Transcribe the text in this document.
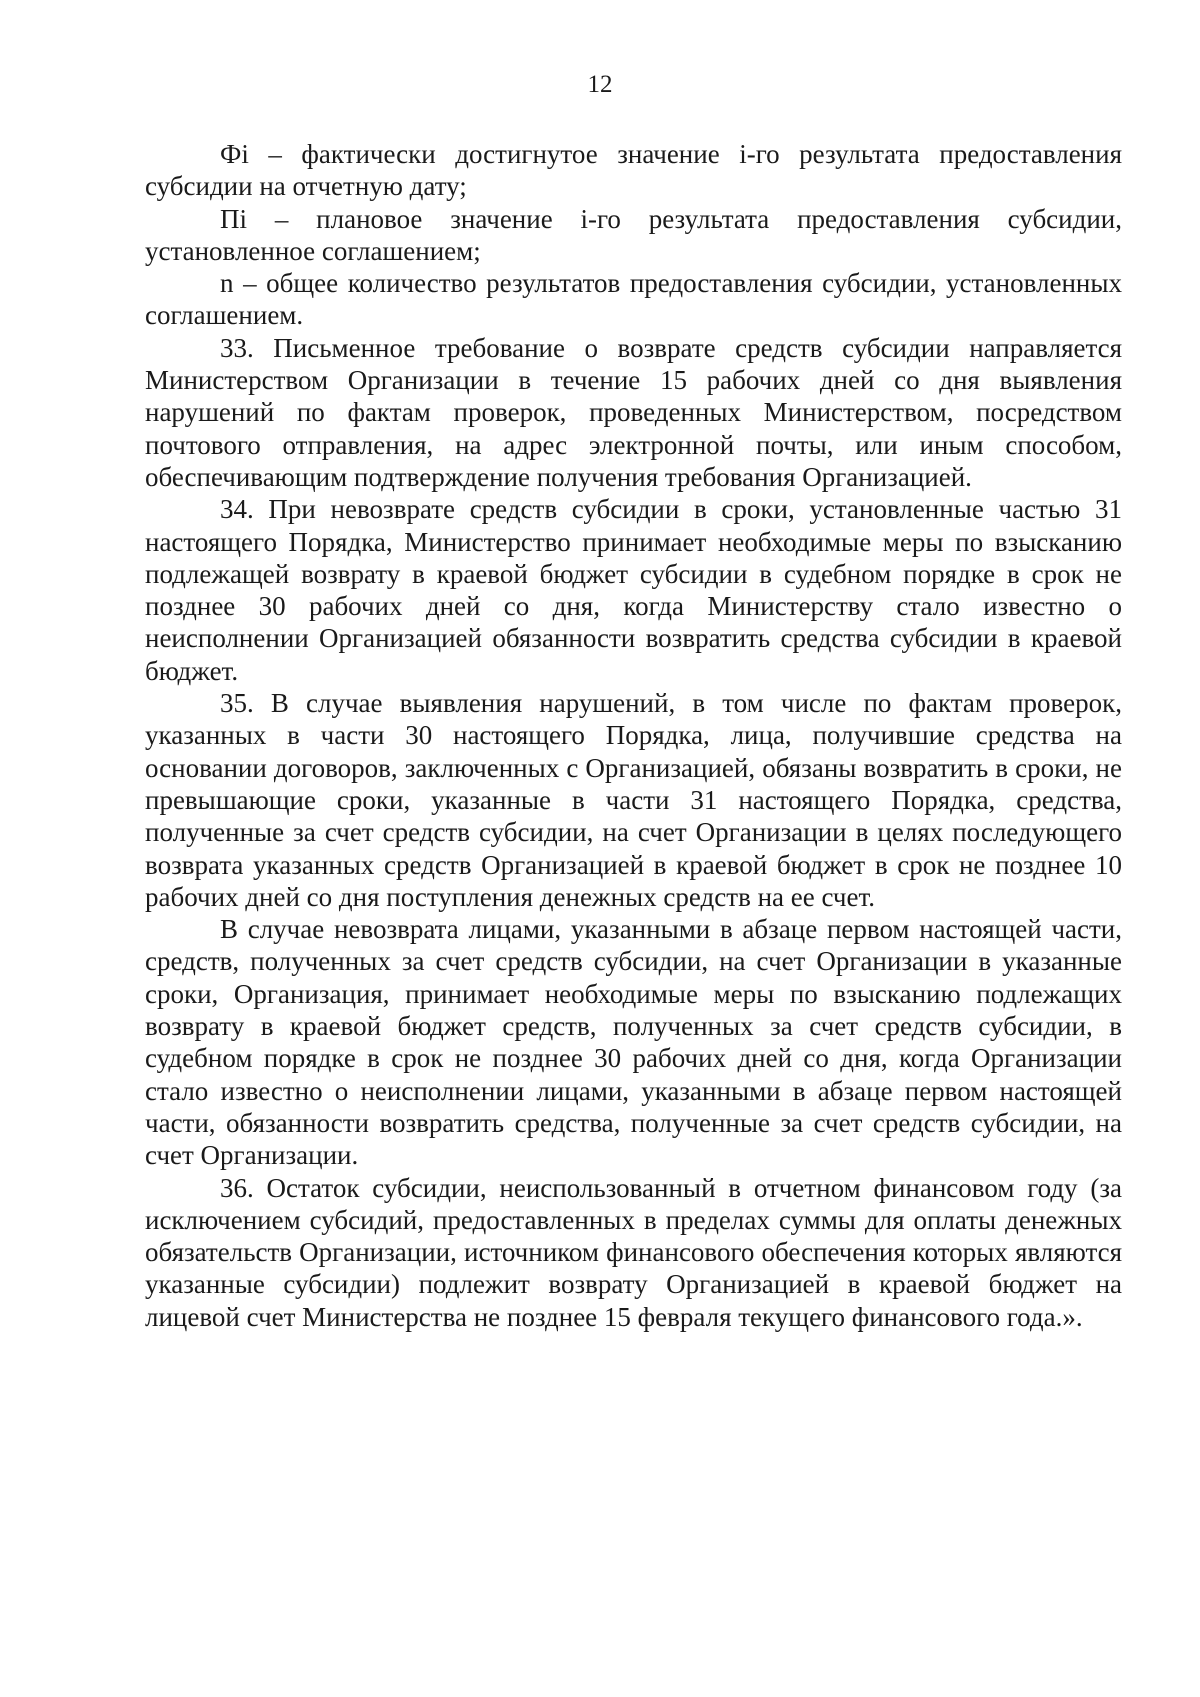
12

Фi – фактически достигнутое значение i-го результата предоставления субсидии на отчетную дату;

Пi – плановое значение i-го результата предоставления субсидии, установленное соглашением;

n – общее количество результатов предоставления субсидии, установленных соглашением.

33. Письменное требование о возврате средств субсидии направляется Министерством Организации в течение 15 рабочих дней со дня выявления нарушений по фактам проверок, проведенных Министерством, посредством почтового отправления, на адрес электронной почты, или иным способом, обеспечивающим подтверждение получения требования Организацией.

34. При невозврате средств субсидии в сроки, установленные частью 31 настоящего Порядка, Министерство принимает необходимые меры по взысканию подлежащей возврату в краевой бюджет субсидии в судебном порядке в срок не позднее 30 рабочих дней со дня, когда Министерству стало известно о неисполнении Организацией обязанности возвратить средства субсидии в краевой бюджет.

35. В случае выявления нарушений, в том числе по фактам проверок, указанных в части 30 настоящего Порядка, лица, получившие средства на основании договоров, заключенных с Организацией, обязаны возвратить в сроки, не превышающие сроки, указанные в части 31 настоящего Порядка, средства, полученные за счет средств субсидии, на счет Организации в целях последующего возврата указанных средств Организацией в краевой бюджет в срок не позднее 10 рабочих дней со дня поступления денежных средств на ее счет.

В случае невозврата лицами, указанными в абзаце первом настоящей части, средств, полученных за счет средств субсидии, на счет Организации в указанные сроки, Организация, принимает необходимые меры по взысканию подлежащих возврату в краевой бюджет средств, полученных за счет средств субсидии, в судебном порядке в срок не позднее 30 рабочих дней со дня, когда Организации стало известно о неисполнении лицами, указанными в абзаце первом настоящей части, обязанности возвратить средства, полученные за счет средств субсидии, на счет Организации.

36. Остаток субсидии, неиспользованный в отчетном финансовом году (за исключением субсидий, предоставленных в пределах суммы для оплаты денежных обязательств Организации, источником финансового обеспечения которых являются указанные субсидии) подлежит возврату Организацией в краевой бюджет на лицевой счет Министерства не позднее 15 февраля текущего финансового года.».
